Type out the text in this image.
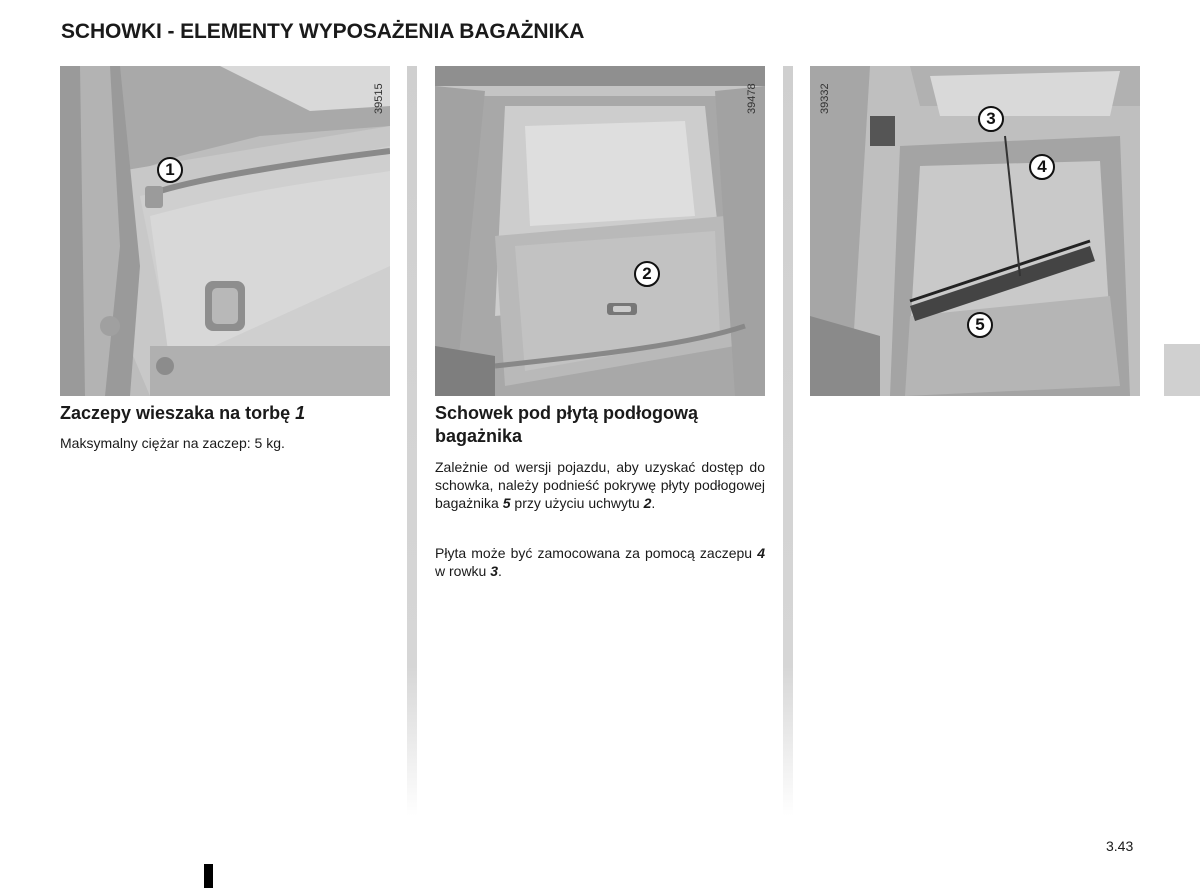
SCHOWKI - ELEMENTY WYPOSAŻENIA BAGAŻNIKA
1
39515
2
39478
3
4
5
39332
Zaczepy wieszaka na torbę 1

Maksymalny ciężar na zaczep: 5 kg.

Schowek pod płytą podłogową bagażnika

Zależnie od wersji pojazdu, aby uzyskać dostęp do schowka, należy podnieść pokrywę płyty podłogowej bagażnika 5 przy użyciu uchwytu 2.

Płyta może być zamocowana za pomocą zaczepu 4 w rowku 3.

3.43
